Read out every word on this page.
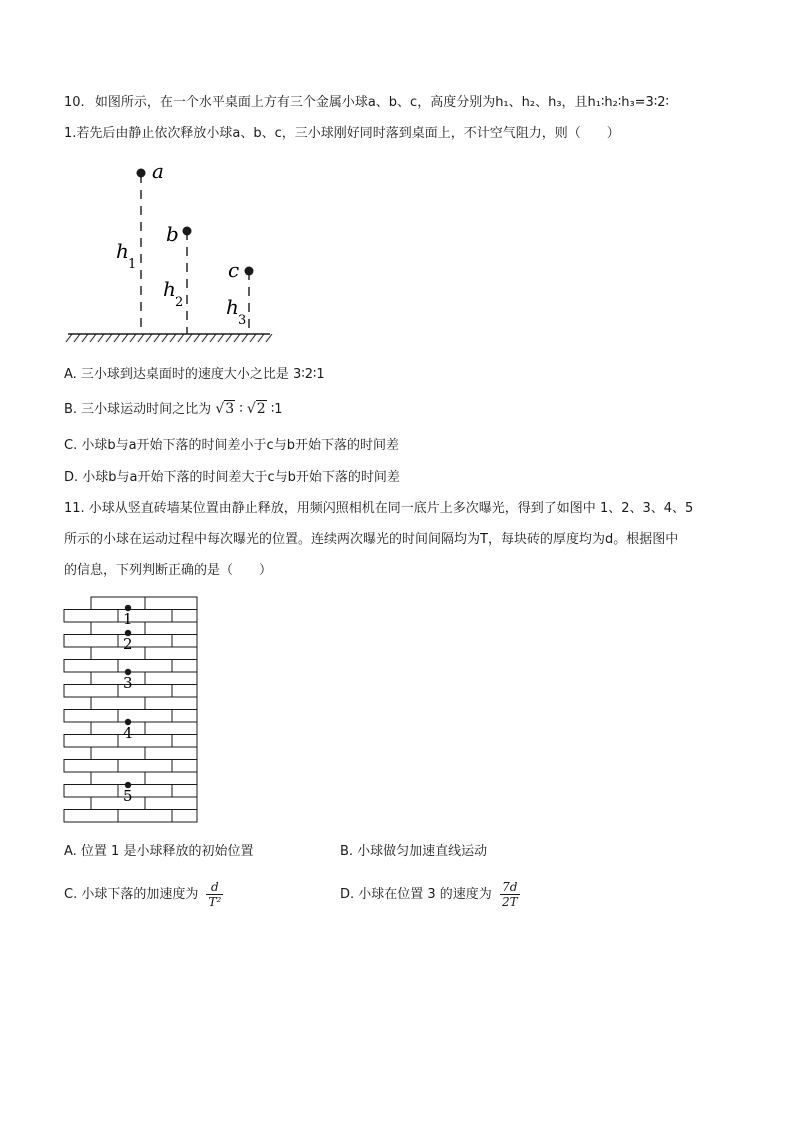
10. 如图所示，在一个水平桌面上方有三个金属小球a、b、c，高度分别为h₁、h₂、h₃，且h₁∶h₂∶h₃=3∶2∶
1.若先后由静止依次释放小球a、b、c，三小球刚好同时落到桌面上，不计空气阻力，则（　　）
a
b
c
h
1
h
2 h
3
A. 三小球到达桌面时的速度大小之比是 3∶2∶1
B. 三小球运动时间之比为 √3 ∶ √2 ∶1
C. 小球b与a开始下落的时间差小于c与b开始下落的时间差
D. 小球b与a开始下落的时间差大于c与b开始下落的时间差
11. 小球从竖直砖墙某位置由静止释放，用频闪照相机在同一底片上多次曝光，得到了如图中 1、2、3、4、5
所示的小球在运动过程中每次曝光的位置。连续两次曝光的时间间隔均为T，每块砖的厚度均为d。根据图中
的信息，下列判断正确的是（　　）
1
2
3
4
5
A. 位置 1 是小球释放的初始位置	B. 小球做匀加速直线运动
C. 小球下落的加速度为 $\frac{d}{\text{T²}}$	D. 小球在位置 3 的速度为 $\frac{7d}{2T}$
